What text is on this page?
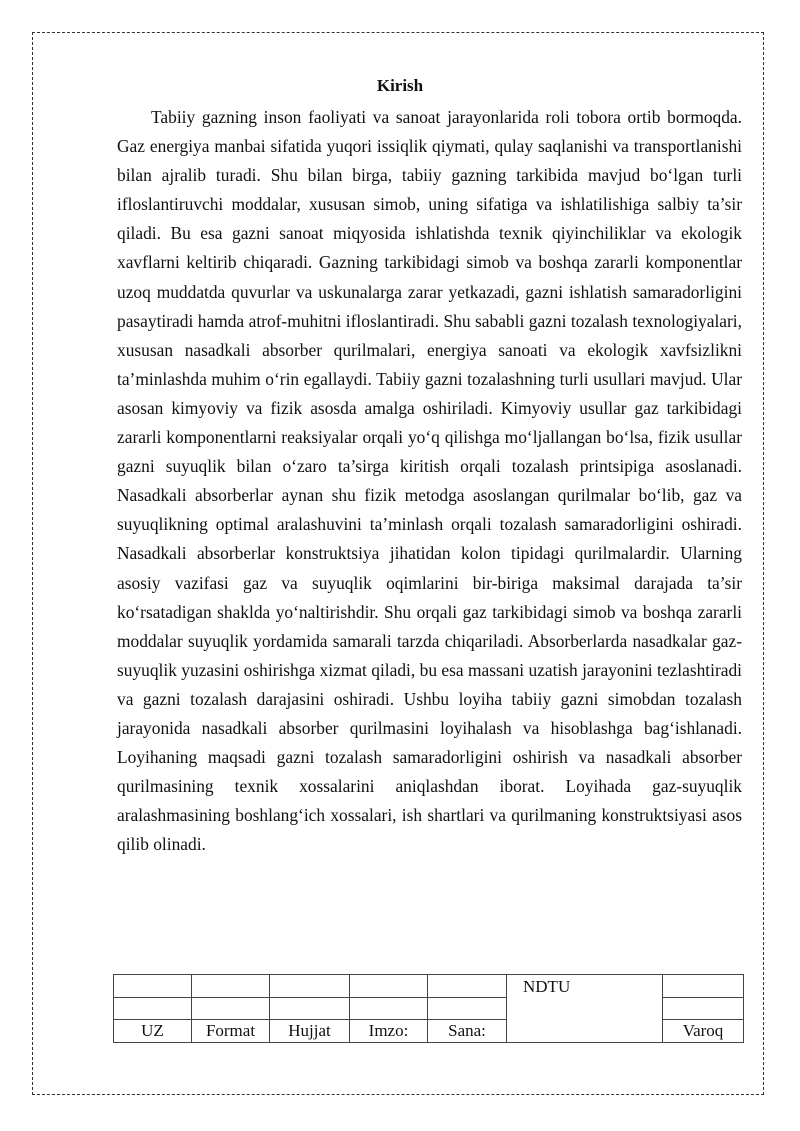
Kirish

Tabiiy gazning inson faoliyati va sanoat jarayonlarida roli tobora ortib bormoqda. Gaz energiya manbai sifatida yuqori issiqlik qiymati, qulay saqlanishi va transportlanishi bilan ajralib turadi. Shu bilan birga, tabiiy gazning tarkibida mavjud bo‘lgan turli ifloslantiruvchi moddalar, xususan simob, uning sifatiga va ishlatilishiga salbiy ta’sir qiladi. Bu esa gazni sanoat miqyosida ishlatishda texnik qiyinchiliklar va ekologik xavflarni keltirib chiqaradi. Gazning tarkibidagi simob va boshqa zararli komponentlar uzoq muddatda quvurlar va uskunalarga zarar yetkazadi, gazni ishlatish samaradorligini pasaytiradi hamda atrof-muhitni ifloslantiradi. Shu sababli gazni tozalash texnologiyalari, xususan nasadkali absorber qurilmalari, energiya sanoati va ekologik xavfsizlikni ta’minlashda muhim o‘rin egallaydi. Tabiiy gazni tozalashning turli usullari mavjud. Ular asosan kimyoviy va fizik asosda amalga oshiriladi. Kimyoviy usullar gaz tarkibidagi zararli komponentlarni reaksiyalar orqali yo‘q qilishga mo‘ljallangan bo‘lsa, fizik usullar gazni suyuqlik bilan o‘zaro ta’sirga kiritish orqali tozalash printsipiga asoslanadi. Nasadkali absorberlar aynan shu fizik metodga asoslangan qurilmalar bo‘lib, gaz va suyuqlikning optimal aralashuvini ta’minlash orqali tozalash samaradorligini oshiradi. Nasadkali absorberlar konstruktsiya jihatidan kolon tipidagi qurilmalardir. Ularning asosiy vazifasi gaz va suyuqlik oqimlarini bir-biriga maksimal darajada ta’sir ko‘rsatadigan shaklda yo‘naltirishdir. Shu orqali gaz tarkibidagi simob va boshqa zararli moddalar suyuqlik yordamida samarali tarzda chiqariladi. Absorberlarda nasadkalar gaz-suyuqlik yuzasini oshirishga xizmat qiladi, bu esa massani uzatish jarayonini tezlashtiradi va gazni tozalash darajasini oshiradi. Ushbu loyiha tabiiy gazni simobdan tozalash jarayonida nasadkali absorber qurilmasini loyihalash va hisoblashga bag‘ishlanadi. Loyihaning maqsadi gazni tozalash samaradorligini oshirish va nasadkali absorber qurilmasining texnik xossalarini aniqlashdan iborat. Loyihada gaz-suyuqlik aralashmasining boshlang‘ich xossalari, ish shartlari va qurilmaning konstruktsiyasi asos qilib olinadi.

					NDTU	

UZ	Format	Hujjat	Imzo:	Sana:		Varoq
